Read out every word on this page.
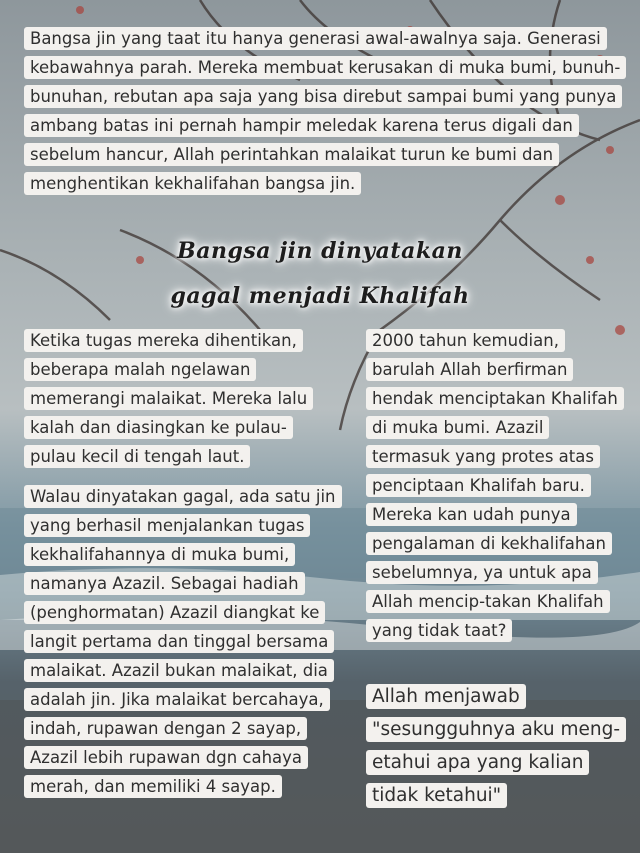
Bangsa jin yang taat itu hanya generasi awal-awalnya saja. Generasi kebawahnya parah. Mereka membuat kerusakan di muka bumi, bunuh-bunuhan, rebutan apa saja yang bisa direbut sampai bumi yang punya ambang batas ini pernah hampir meledak karena terus digali dan sebelum hancur, Allah perintahkan malaikat turun ke bumi dan menghentikan kekhalifahan bangsa jin.
Bangsa jin dinyatakan
gagal menjadi Khalifah
Ketika tugas mereka dihentikan, beberapa malah ngelawan memerangi malaikat. Mereka lalu kalah dan diasingkan ke pulau-pulau kecil di tengah laut.
Walau dinyatakan gagal, ada satu jin yang berhasil menjalankan tugas kekhalifahannya di muka bumi, namanya Azazil. Sebagai hadiah (penghormatan) Azazil diangkat ke langit pertama dan tinggal bersama malaikat. Azazil bukan malaikat, dia adalah jin. Jika malaikat bercahaya, indah, rupawan dengan 2 sayap, Azazil lebih rupawan dgn cahaya merah, dan memiliki 4 sayap.
2000 tahun kemudian, barulah Allah berfirman hendak menciptakan Khalifah di muka bumi. Azazil termasuk yang protes atas penciptaan Khalifah baru. Mereka kan udah punya pengalaman di kekhalifahan sebelumnya, ya untuk apa Allah mencip-takan Khalifah yang tidak taat?
Allah menjawab "sesungguhnya aku meng-etahui apa yang kalian tidak ketahui"
